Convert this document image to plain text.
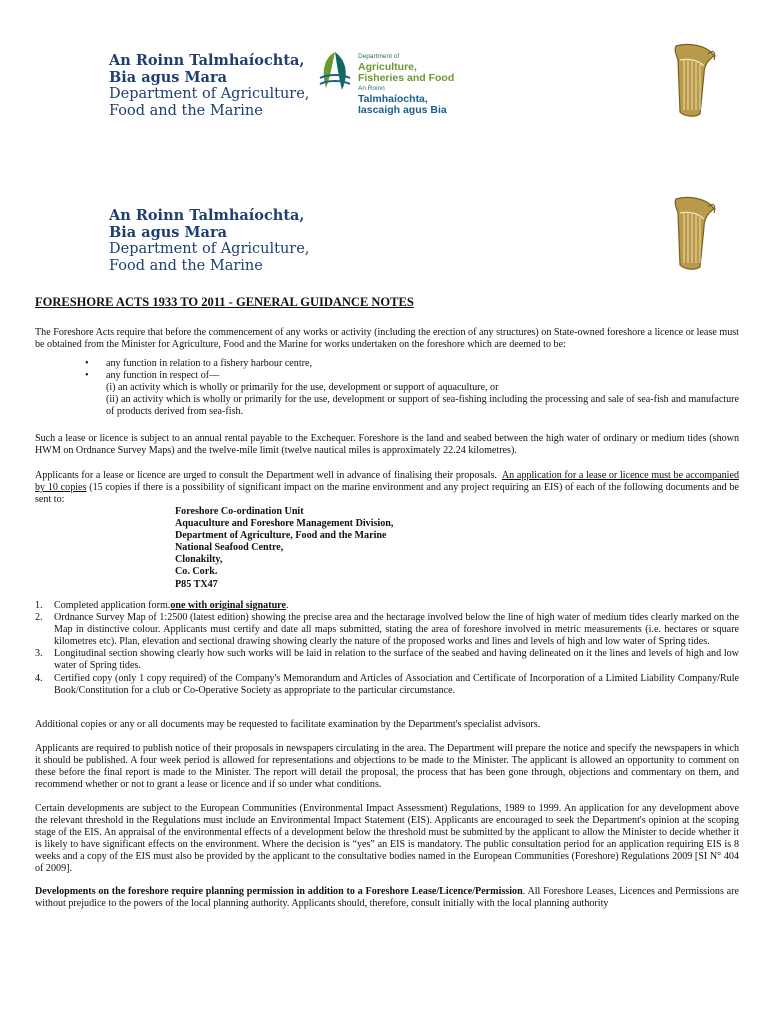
An Roinn Talmhaíochta,
Bia agus Mara
Department of Agriculture,
Food and the Marine
Department of
Agriculture,
Fisheries and Food
An Roinn
Talmhaíochta,
Iascaigh agus Bia
An Roinn Talmhaíochta,
Bia agus Mara
Department of Agriculture,
Food and the Marine
FORESHORE ACTS 1933 TO 2011 - GENERAL GUIDANCE NOTES
The Foreshore Acts require that before the commencement of any works or activity (including the erection of any structures) on State-owned foreshore a licence or lease must be obtained from the Minister for Agriculture, Food and the Marine for works undertaken on the foreshore which are deemed to be:
• any function in relation to a fishery harbour centre,
• any function in respect of—
(i) an activity which is wholly or primarily for the use, development or support of aquaculture, or
(ii) an activity which is wholly or primarily for the use, development or support of sea-fishing including the processing and sale of sea-fish and manufacture of products derived from sea-fish.
Such a lease or licence is subject to an annual rental payable to the Exchequer. Foreshore is the land and seabed between the high water of ordinary or medium tides (shown HWM on Ordnance Survey Maps) and the twelve-mile limit (twelve nautical miles is approximately 22.24 kilometres).
Applicants for a lease or licence are urged to consult the Department well in advance of finalising their proposals. An application for a lease or licence must be accompanied by 10 copies (15 copies if there is a possibility of significant impact on the marine environment and any project requiring an EIS) of each of the following documents and be sent to:
Foreshore Co-ordination Unit
Aquaculture and Foreshore Management Division,
Department of Agriculture, Food and the Marine
National Seafood Centre,
Clonakilty,
Co. Cork.
P85 TX47
1. Completed application form.one with original signature.
2. Ordnance Survey Map of 1:2500 (latest edition) showing the precise area and the hectarage involved below the line of high water of medium tides clearly marked on the Map in distinctive colour. Applicants must certify and date all maps submitted, stating the area of foreshore involved in metric measurements (i.e. hectares or square kilometres etc). Plan, elevation and sectional drawing showing clearly the nature of the proposed works and lines and levels of high and low water of Spring tides.
3. Longitudinal section showing clearly how such works will be laid in relation to the surface of the seabed and having delineated on it the lines and levels of high and low water of Spring tides.
4. Certified copy (only 1 copy required) of the Company's Memorandum and Articles of Association and Certificate of Incorporation of a Limited Liability Company/Rule Book/Constitution for a club or Co-Operative Society as appropriate to the particular circumstance.
Additional copies or any or all documents may be requested to facilitate examination by the Department's specialist advisors.
Applicants are required to publish notice of their proposals in newspapers circulating in the area. The Department will prepare the notice and specify the newspapers in which it should be published. A four week period is allowed for representations and objections to be made to the Minister. The applicant is allowed an opportunity to comment on these before the final report is made to the Minister. The report will detail the proposal, the process that has been gone through, objections and commentary on them, and recommend whether or not to grant a lease or licence and if so under what conditions.
Certain developments are subject to the European Communities (Environmental Impact Assessment) Regulations, 1989 to 1999. An application for any development above the relevant threshold in the Regulations must include an Environmental Impact Statement (EIS). Applicants are encouraged to seek the Department's opinion at the scoping stage of the EIS. An appraisal of the environmental effects of a development below the threshold must be submitted by the applicant to allow the Minister to decide whether it is likely to have significant effects on the environment. Where the decision is “yes” an EIS is mandatory. The public consultation period for an application requiring EIS is 8 weeks and a copy of the EIS must also be provided by the applicant to the consultative bodies named in the European Communities (Foreshore) Regulations 2009 [SI N° 404 of 2009].
Developments on the foreshore require planning permission in addition to a Foreshore Lease/Licence/Permission. All Foreshore Leases, Licences and Permissions are without prejudice to the powers of the local planning authority. Applicants should, therefore, consult initially with the local planning authority
